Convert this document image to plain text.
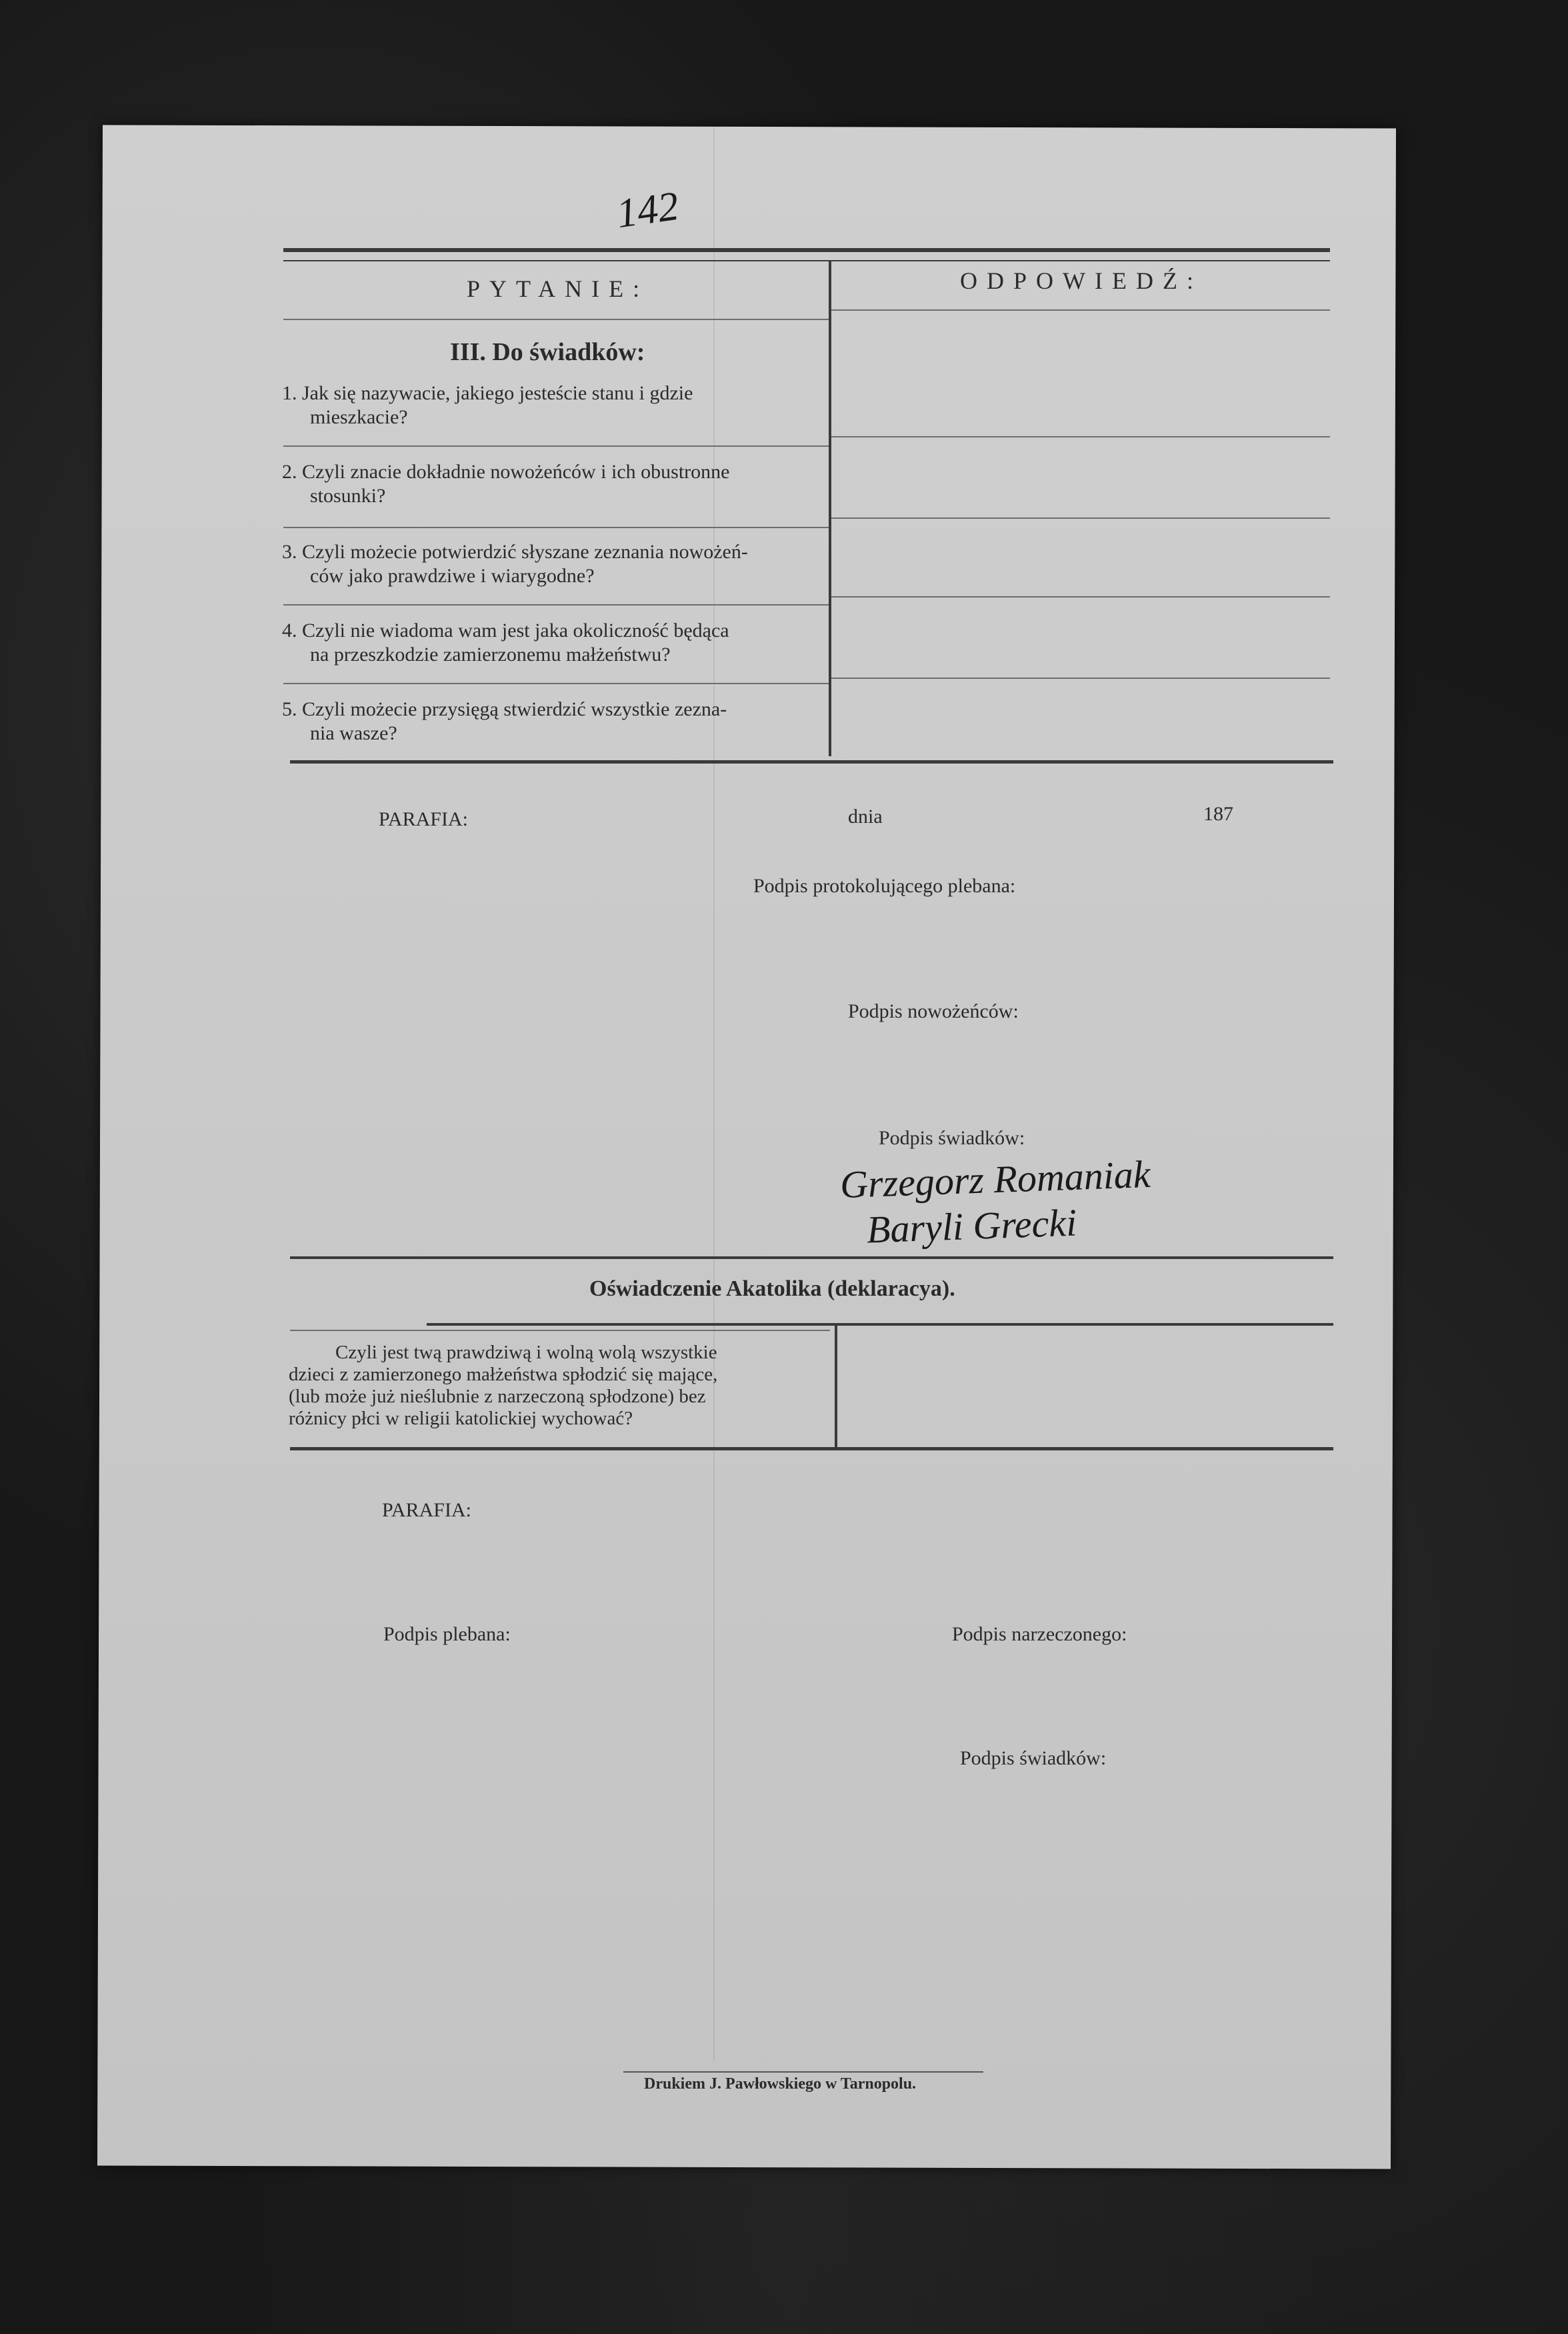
142
PYTANIE:	ODPOWIEDŹ:
III. Do świadków:
1. Jak się nazywacie, jakiego jesteście stanu i gdzie
mieszkacie?
2. Czyli znacie dokładnie nowożeńców i ich obustronne
stosunki?
3. Czyli możecie potwierdzić słyszane zeznania nowożeń-
ców jako prawdziwe i wiarygodne?
4. Czyli nie wiadoma wam jest jaka okoliczność będąca
na przeszkodzie zamierzonemu małżeństwu?
5. Czyli możecie przysięgą stwierdzić wszystkie zezna-
nia wasze?
PARAFIA:	dnia	187
Podpis protokolującego plebana:
Podpis nowożeńców:
Podpis świadków:
Grzegorz Romaniak
Baryli Grecki
Oświadczenie Akatolika (deklaracya).
Czyli jest twą prawdziwą i wolną wolą wszystkie
dzieci z zamierzonego małżeństwa spłodzić się mające,
(lub może już nieślubnie z narzeczoną spłodzone) bez
różnicy płci w religii katolickiej wychować?
PARAFIA:
Podpis plebana:	Podpis narzeczonego:
Podpis świadków:
Drukiem J. Pawłowskiego w Tarnopolu.
